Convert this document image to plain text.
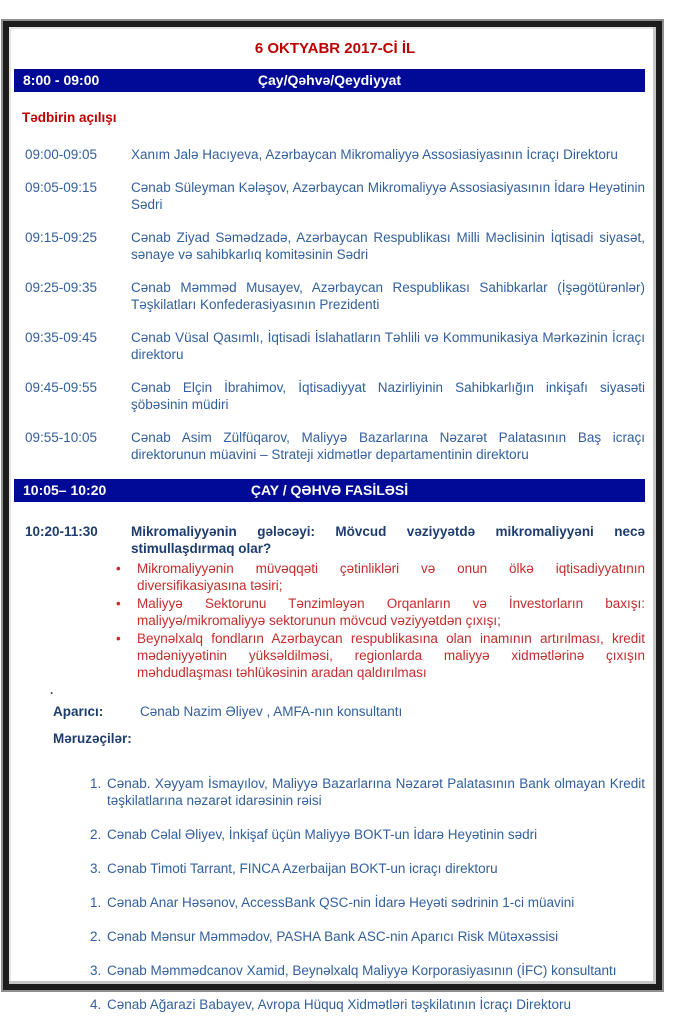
6 OKTYABR 2017-Cİ İL
8:00 - 09:00	Çay/Qəhvə/Qeydiyyat
Tədbirin açılışı
09:00-09:05	Xanım Jalə Hacıyeva, Azərbaycan Mikromaliyyə Assosiasiyasının İcraçı Direktoru
09:05-09:15	Cənab Süleyman Kələşov, Azərbaycan Mikromaliyyə Assosiasiyasının İdarə Heyətinin Sədri
09:15-09:25	Cənab Ziyad Səmədzadə, Azərbaycan Respublikası Milli Məclisinin İqtisadi siyasət, sənaye və sahibkarlıq komitəsinin Sədri
09:25-09:35	Cənab Məmməd Musayev, Azərbaycan Respublikası Sahibkarlar (İşəgötürənlər) Təşkilatları Konfederasiyasının Prezidenti
09:35-09:45	Cənab Vüsal Qasımlı, İqtisadi İslahatların Təhlili və Kommunikasiya Mərkəzinin İcraçı direktoru
09:45-09:55	Cənab Elçin İbrahimov, İqtisadiyyat Nazirliyinin Sahibkarlığın inkişafı siyasəti şöbəsinin müdiri
09:55-10:05	Cənab Asim Zülfüqarov, Maliyyə Bazarlarına Nəzarət Palatasının Baş icraçı direktorunun müavini – Strateji xidmətlər departamentinin direktoru
10:05– 10:20	ÇAY / QƏHVƏ FASİLƏSİ
10:20-11:30	Mikromaliyyənin gələcəyi: Mövcud vəziyyətdə mikromaliyyəni necə stimullaşdırmaq olar?
•	Mikromaliyyənin müvəqqəti çətinlikləri və onun ölkə iqtisadiyyatının diversifikasiyasına təsiri;
•	Maliyyə Sektorunu Tənzimləyən Orqanların və İnvestorların baxışı: maliyyə/mikromaliyyə sektorunun mövcud vəziyyətdən çıxışı;
•	Beynəlxalq fondların Azərbaycan respublikasına olan inamının artırılması, kredit mədəniyyətinin yüksəldilməsi, regionlarda maliyyə xidmətlərinə çıxışın məhdudlaşması təhlükəsinin aradan qaldırılması
.
Aparıcı:	Cənab Nazim Əliyev , AMFA-nın konsultantı
Məruzəçilər:
1. Cənab. Xəyyam İsmayılov, Maliyyə Bazarlarına Nəzarət Palatasının Bank olmayan Kredit təşkilatlarına nəzarət idarəsinin rəisi
2. Cənab Cəlal Əliyev, İnkişaf üçün Maliyyə BOKT-un İdarə Heyətinin sədri
3. Cənab Timoti Tarrant, FINCA Azerbaijan BOKT-un icraçı direktoru
1. Cənab Anar Həsənov, AccessBank QSC-nin İdarə Heyəti sədrinin 1-ci müavini
2. Cənab Mənsur Məmmədov, PASHA Bank ASC-nin Aparıcı Risk Mütəxəssisi
3. Cənab Məmmədcanov Xamid, Beynəlxalq Maliyyə Korporasiyasının (İFC) konsultantı
4. Cənab Ağarazi Babayev, Avropa Hüquq Xidmətləri təşkilatının İcraçı Direktoru
